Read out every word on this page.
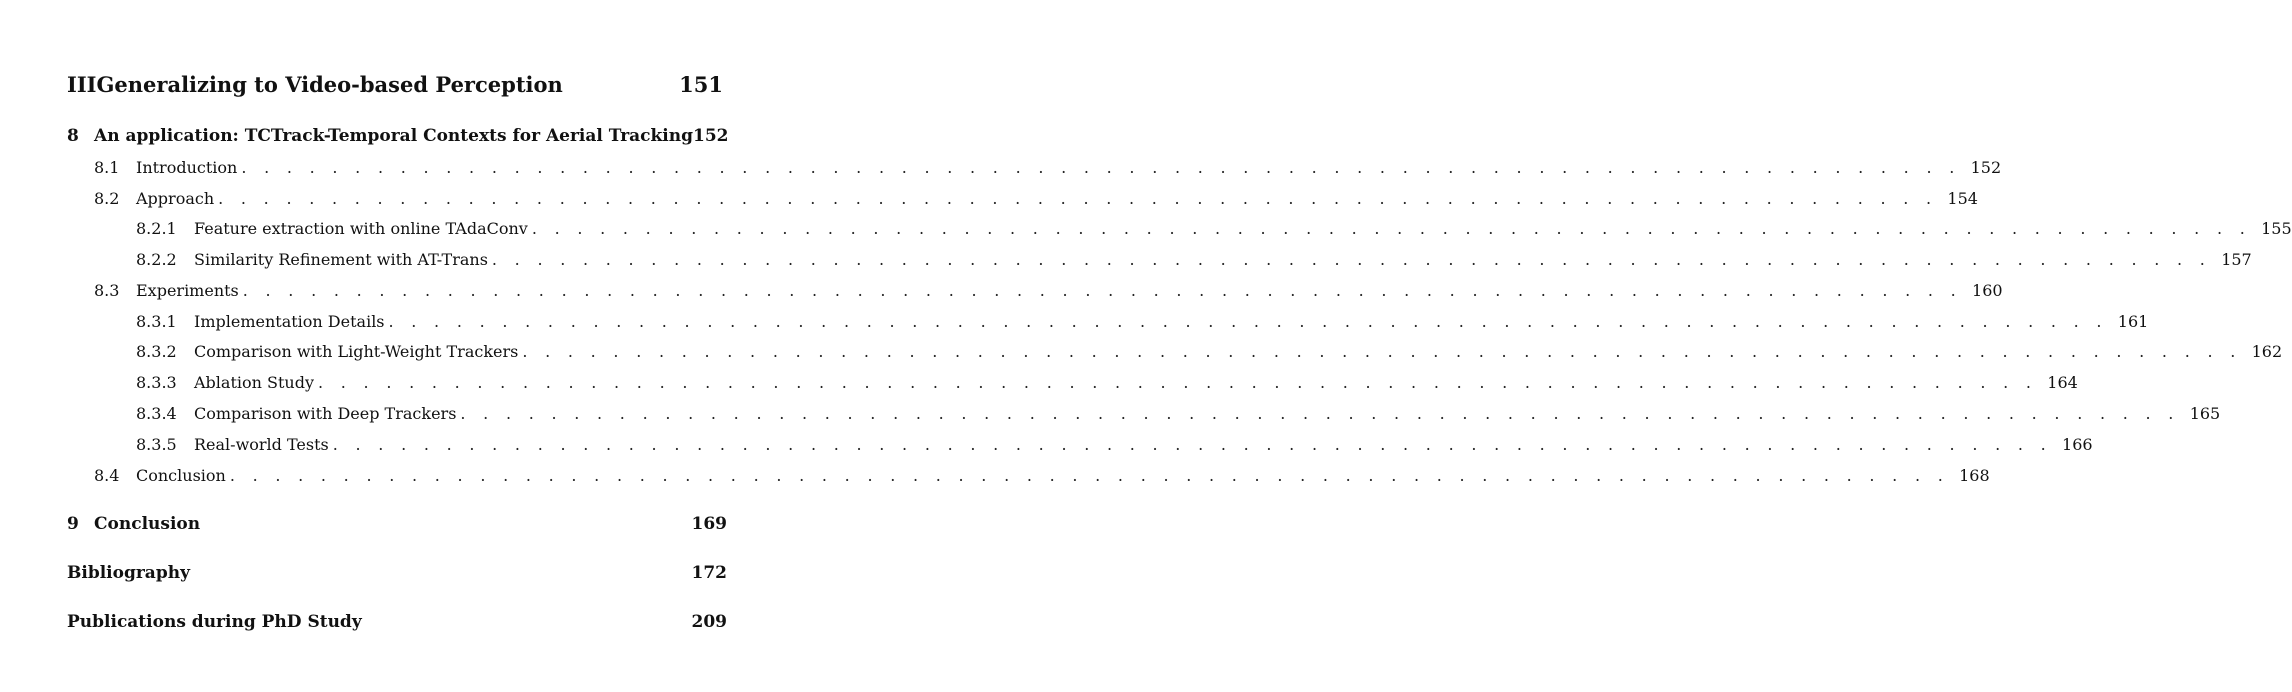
IIIGeneralizing to Video-based Perception	151
8 An application: TCTrack-Temporal Contexts for Aerial Tracking 152
8.1	Introduction . . . . . . . . . . . . . . . . . . . . . . . . . . . . . . . . . . . . . . . . . . . . . . . . . . . . . . . . . . . . . . . . . . . . . . . . . . . . 152
8.2	Approach . . . . . . . . . . . . . . . . . . . . . . . . . . . . . . . . . . . . . . . . . . . . . . . . . . . . . . . . . . . . . . . . . . . . . . . . . . . . 154
8.2.1	Feature extraction with online TAdaConv . . . . . . . . . . . . . . . . . . . . . . . . . . . . . . . . . . . . . . . . . . . . . . . . . . . . . . . . . . . . . . . . . . . . . . . . . . . . 155
8.2.2	Similarity Refinement with AT-Trans . . . . . . . . . . . . . . . . . . . . . . . . . . . . . . . . . . . . . . . . . . . . . . . . . . . . . . . . . . . . . . . . . . . . . . . . . . . . 157
8.3	Experiments . . . . . . . . . . . . . . . . . . . . . . . . . . . . . . . . . . . . . . . . . . . . . . . . . . . . . . . . . . . . . . . . . . . . . . . . . . . . 160
8.3.1	Implementation Details . . . . . . . . . . . . . . . . . . . . . . . . . . . . . . . . . . . . . . . . . . . . . . . . . . . . . . . . . . . . . . . . . . . . . . . . . . . . 161
8.3.2	Comparison with Light-Weight Trackers . . . . . . . . . . . . . . . . . . . . . . . . . . . . . . . . . . . . . . . . . . . . . . . . . . . . . . . . . . . . . . . . . . . . . . . . . . . . 162
8.3.3	Ablation Study . . . . . . . . . . . . . . . . . . . . . . . . . . . . . . . . . . . . . . . . . . . . . . . . . . . . . . . . . . . . . . . . . . . . . . . . . . . . 164
8.3.4	Comparison with Deep Trackers . . . . . . . . . . . . . . . . . . . . . . . . . . . . . . . . . . . . . . . . . . . . . . . . . . . . . . . . . . . . . . . . . . . . . . . . . . . . 165
8.3.5	Real-world Tests . . . . . . . . . . . . . . . . . . . . . . . . . . . . . . . . . . . . . . . . . . . . . . . . . . . . . . . . . . . . . . . . . . . . . . . . . . . . 166
8.4	Conclusion . . . . . . . . . . . . . . . . . . . . . . . . . . . . . . . . . . . . . . . . . . . . . . . . . . . . . . . . . . . . . . . . . . . . . . . . . . . . 168
9 Conclusion	169
Bibliography	172
Publications during PhD Study	209
